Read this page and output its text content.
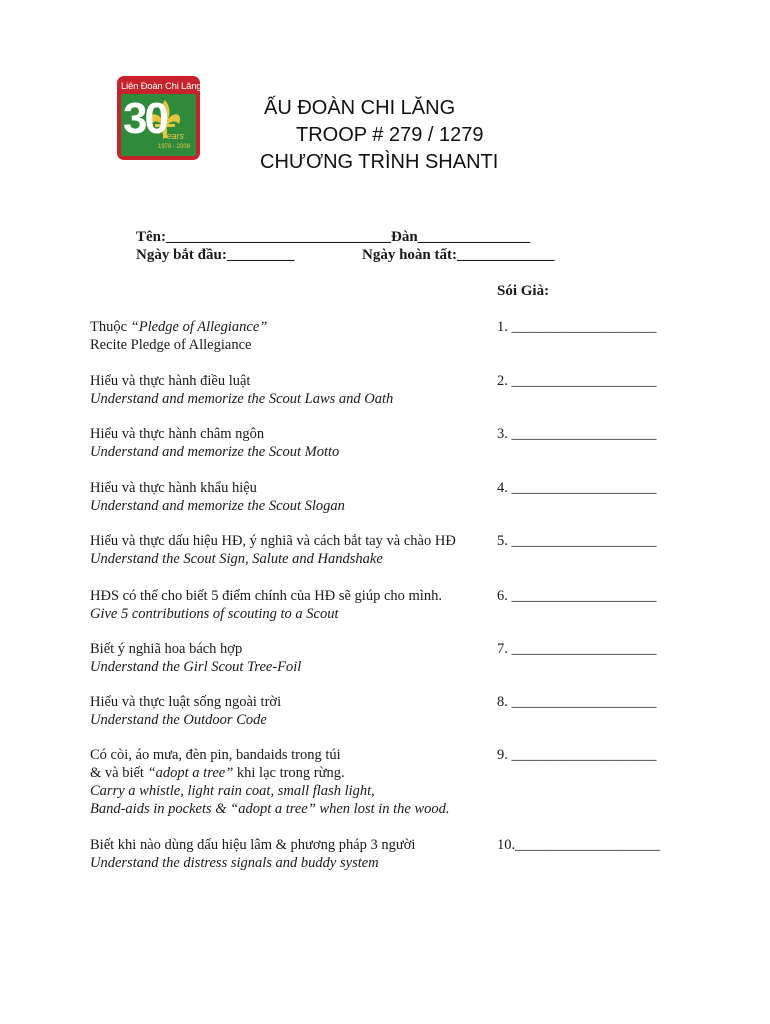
Liên Đoàn Chi Lăng
30
Years
1978 - 2008
ẤU ĐOÀN CHI LĂNG
TROOP # 279 / 1279
CHƯƠNG TRÌNH SHANTI
Tên:______________________________Đàn_______________
Ngày bắt đầu:_________	Ngày hoàn tất:_____________
Sói Già:
Thuộc “Pledge of Allegiance”
Recite Pledge of Allegiance
1. ____________________
Hiểu và thực hành điều luật
Understand and memorize the Scout Laws and Oath
2. ____________________
Hiểu và thực hành châm ngôn
Understand and memorize the Scout Motto
3. ____________________
Hiểu và thực hành khẩu hiệu
Understand and memorize the Scout Slogan
4. ____________________
Hiểu và thực dấu hiệu HĐ, ý nghiã và cách bắt tay và chào HĐ
Understand the Scout Sign, Salute and Handshake
5. ____________________
HĐS có thể cho biết 5 điểm chính của HĐ sẽ giúp cho mình.
Give 5 contributions of scouting to a Scout
6. ____________________
Biết ý nghiã hoa bách hợp
Understand the Girl Scout Tree-Foil
7. ____________________
Hiểu và thực luật sống ngoài trời
Understand the Outdoor Code
8. ____________________
Có còi, áo mưa, đèn pin, bandaids trong túi
& và biết “adopt a tree” khi lạc trong rừng.
Carry a whistle, light rain coat, small flash light,
Band-aids in pockets & “adopt a tree” when lost in the wood.
9. ____________________
Biết khi nào dùng dấu hiệu lâm & phương pháp 3 người
Understand the distress signals and buddy system
10.____________________
